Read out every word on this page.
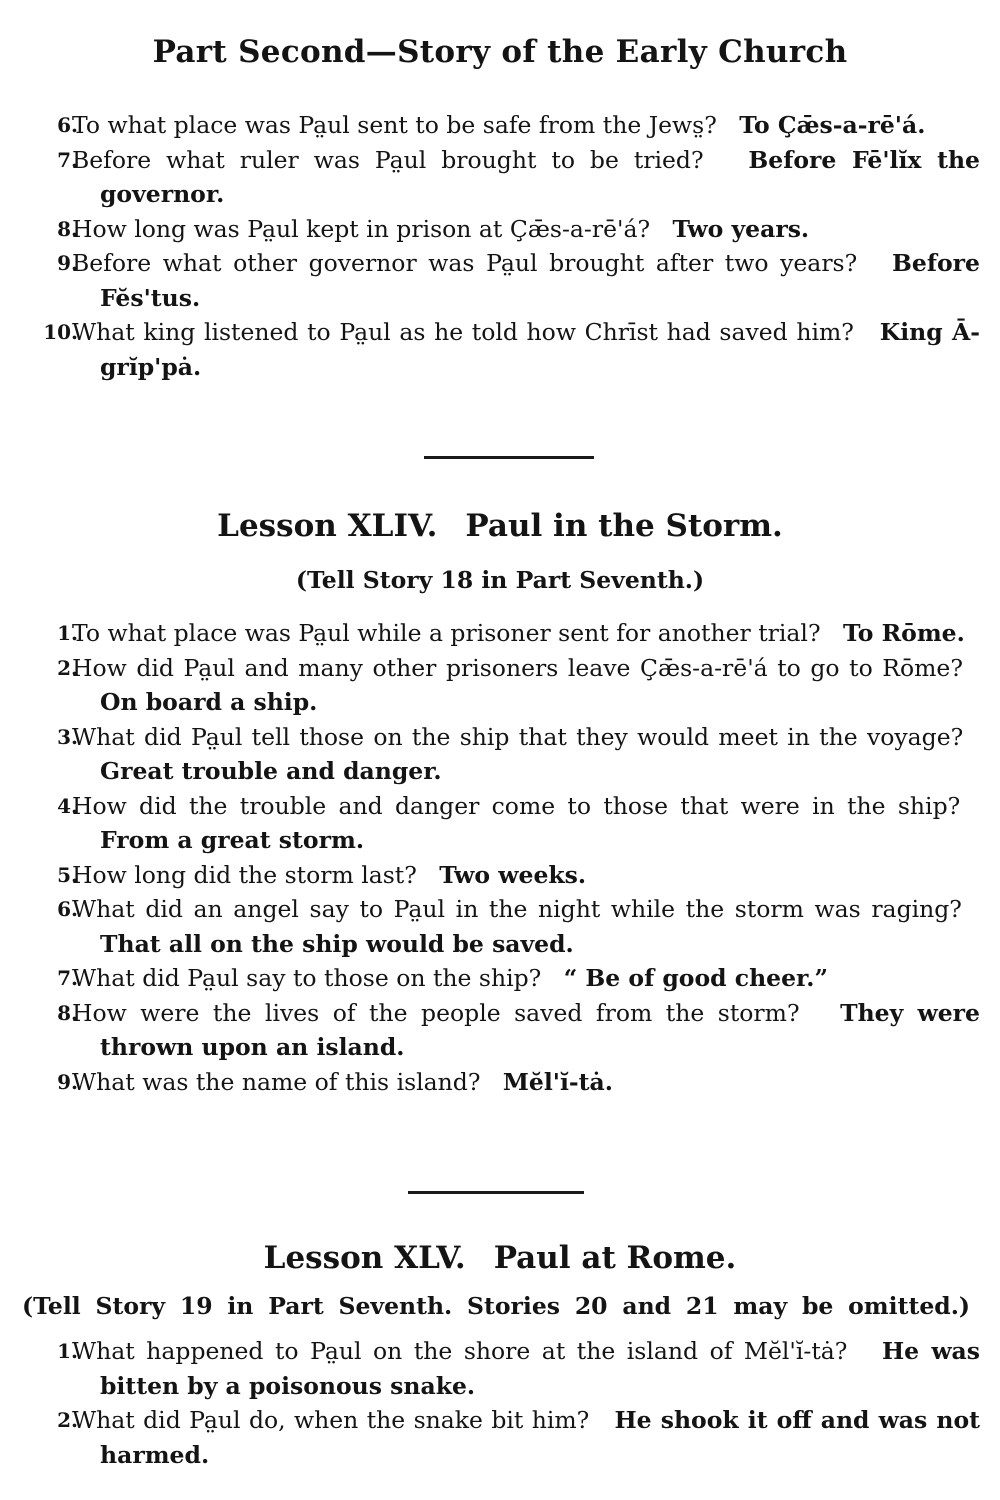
Part Second—Story of the Early Church
6.
To what place was Pa̤ul sent to be safe from the Jews̤? To Çǣs-a-rē'á.
7.
Before what ruler was Pa̤ul brought to be tried? Before Fē'lĭx the governor.
8.
How long was Pa̤ul kept in prison at Çǣs-a-rē'á? Two years.
9.
Before what other governor was Pa̤ul brought after two years? Before Fĕs'tus.
10.
What king listened to Pa̤ul as he told how Chrīst had saved him? King Ā-grĭp'pȧ.
Lesson XLIV. Paul in the Storm.
(Tell Story 18 in Part Seventh.)
1.
To what place was Pa̤ul while a prisoner sent for another trial? To Rōme.
2.
How did Pa̤ul and many other prisoners leave Çǣs-a-rē'á to go to Rōme?   On board a ship.
3.
What did Pa̤ul tell those on the ship that they would meet in the voyage?   Great trouble and danger.
4.
How did the trouble and danger come to those that were in the ship?   From a great storm.
5.
How long did the storm last? Two weeks.
6.
What did an angel say to Pa̤ul in the night while the storm was raging?   That all on the ship would be saved.
7.
What did Pa̤ul say to those on the ship? “ Be of good cheer.”
8.
How were the lives of the people saved from the storm? They were thrown upon an island.
9.
What was the name of this island? Mĕl'ĭ-tȧ.
Lesson XLV. Paul at Rome.
(Tell Story 19 in Part Seventh. Stories 20 and 21 may be omitted.)
1.
What happened to Pa̤ul on the shore at the island of Mĕl'ĭ-tȧ? He was bitten by a poisonous snake.
2.
What did Pa̤ul do, when the snake bit him? He shook it off and was not harmed.
